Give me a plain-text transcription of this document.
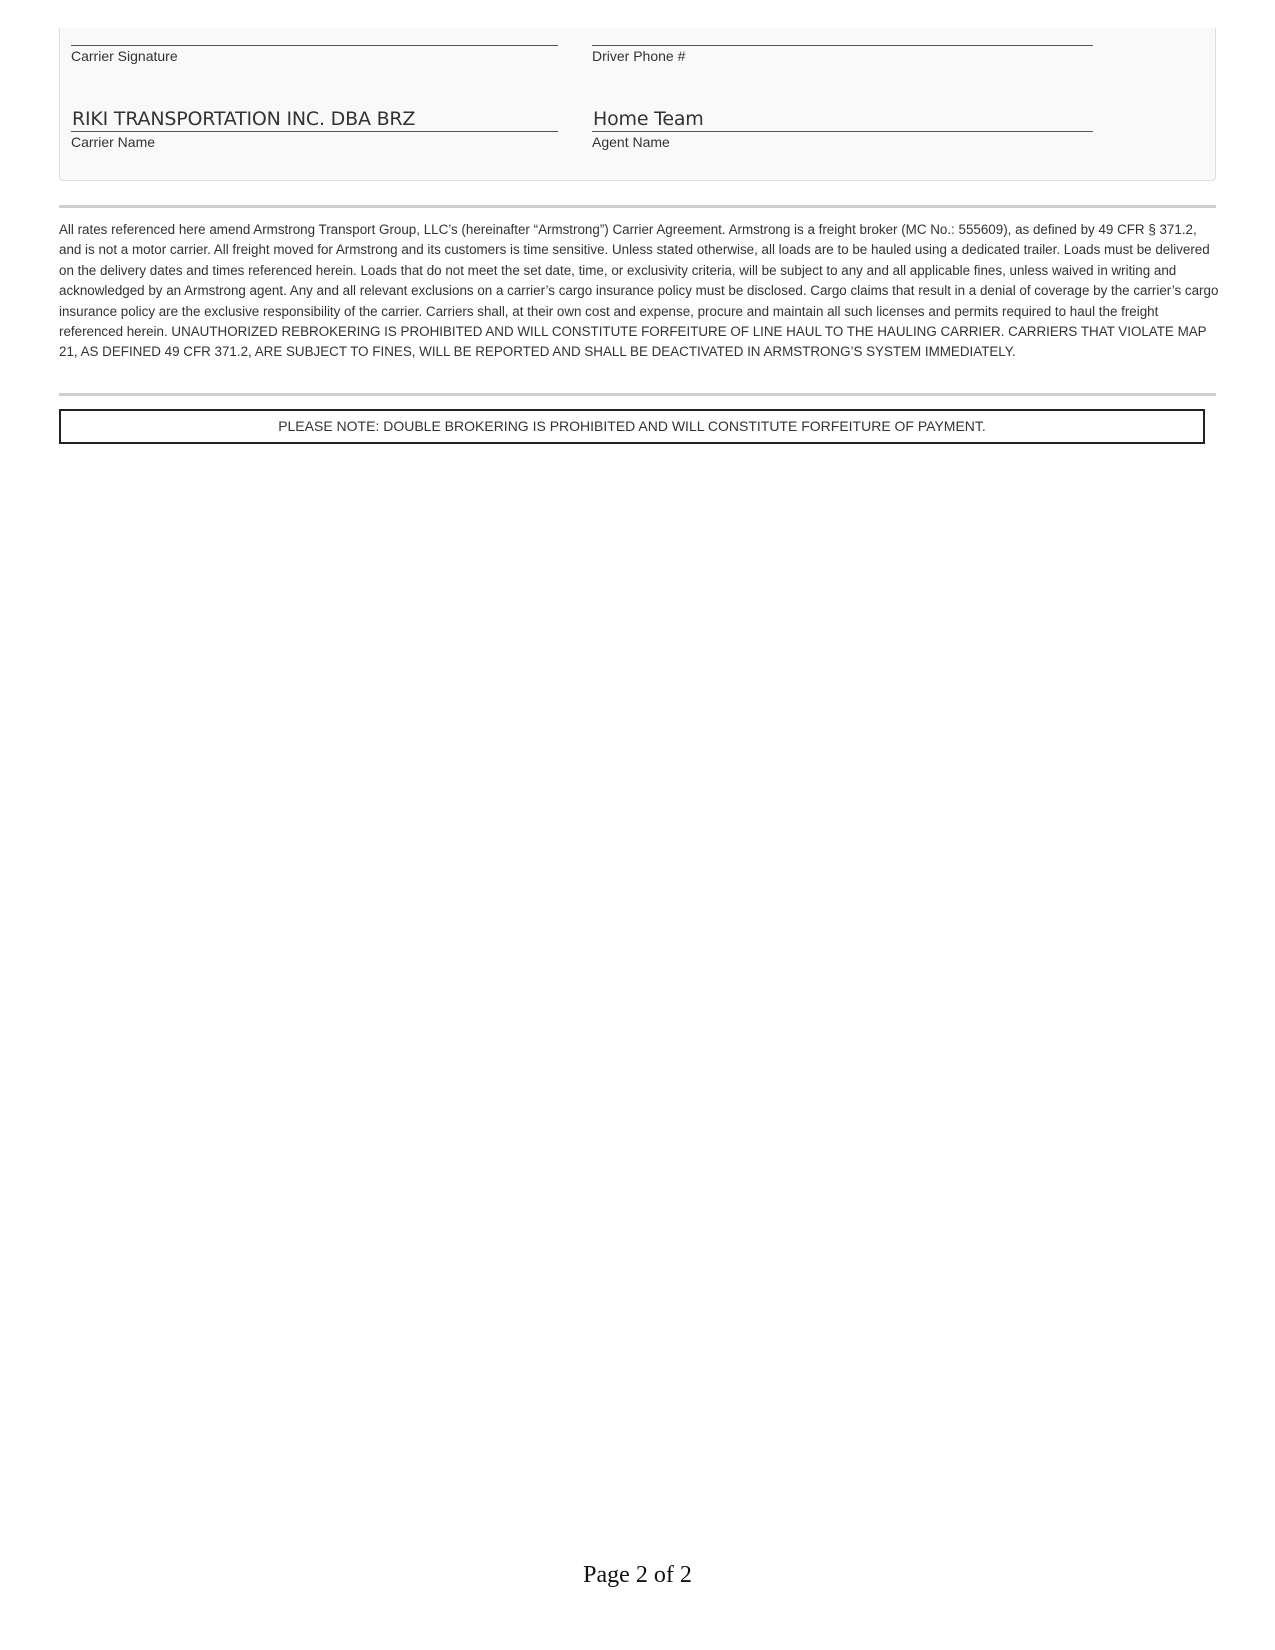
Carrier Signature	Driver Phone #
RIKI TRANSPORTATION INC. DBA BRZ
Carrier Name
Home Team
Agent Name

All rates referenced here amend Armstrong Transport Group, LLC’s (hereinafter “Armstrong”) Carrier Agreement. Armstrong is a freight broker (MC No.: 555609), as defined by 49 CFR § 371.2, and is not a motor carrier. All freight moved for Armstrong and its customers is time sensitive. Unless stated otherwise, all loads are to be hauled using a dedicated trailer. Loads must be delivered on the delivery dates and times referenced herein. Loads that do not meet the set date, time, or exclusivity criteria, will be subject to any and all applicable fines, unless waived in writing and acknowledged by an Armstrong agent. Any and all relevant exclusions on a carrier’s cargo insurance policy must be disclosed. Cargo claims that result in a denial of coverage by the carrier’s cargo insurance policy are the exclusive responsibility of the carrier. Carriers shall, at their own cost and expense, procure and maintain all such licenses and permits required to haul the freight referenced herein. UNAUTHORIZED REBROKERING IS PROHIBITED AND WILL CONSTITUTE FORFEITURE OF LINE HAUL TO THE HAULING CARRIER. CARRIERS THAT VIOLATE MAP 21, AS DEFINED 49 CFR 371.2, ARE SUBJECT TO FINES, WILL BE REPORTED AND SHALL BE DEACTIVATED IN ARMSTRONG’S SYSTEM IMMEDIATELY.

PLEASE NOTE: DOUBLE BROKERING IS PROHIBITED AND WILL CONSTITUTE FORFEITURE OF PAYMENT.
Page 2 of 2
